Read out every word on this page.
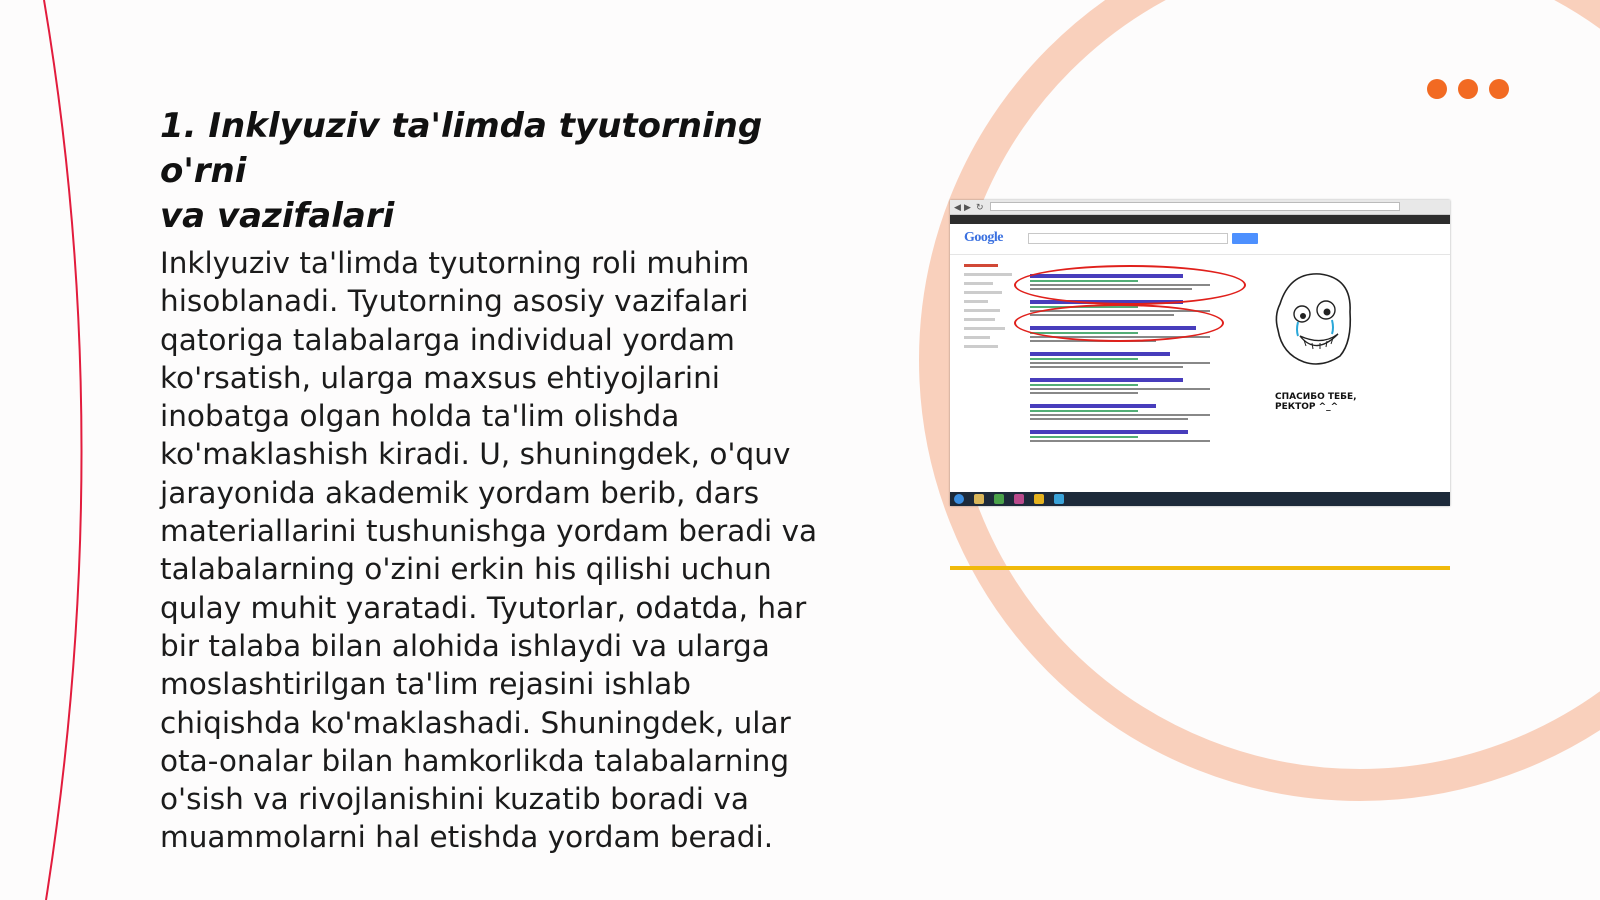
1. Inklyuziv ta'limda tyutorning o'rni
va vazifalari
Inklyuziv ta'limda tyutorning roli muhim
hisoblanadi. Tyutorning asosiy vazifalari
qatoriga talabalarga individual yordam
ko'rsatish, ularga maxsus ehtiyojlarini
inobatga olgan holda ta'lim olishda
ko'maklashish kiradi. U, shuningdek, o'quv
jarayonida akademik yordam berib, dars
materiallarini tushunishga yordam beradi va
talabalarning o'zini erkin his qilishi uchun
qulay muhit yaratadi. Tyutorlar, odatda, har
bir talaba bilan alohida ishlaydi va ularga
moslashtirilgan ta'lim rejasini ishlab
chiqishda ko'maklashadi. Shuningdek, ular
ota-onalar bilan hamkorlikda talabalarning
o'sish va rivojlanishini kuzatib boradi va
muammolarni hal etishda yordam beradi.
◀ ▶ ↻
Google
СПАСИБО ТЕБЕ,
РЕКТОР ^_^
